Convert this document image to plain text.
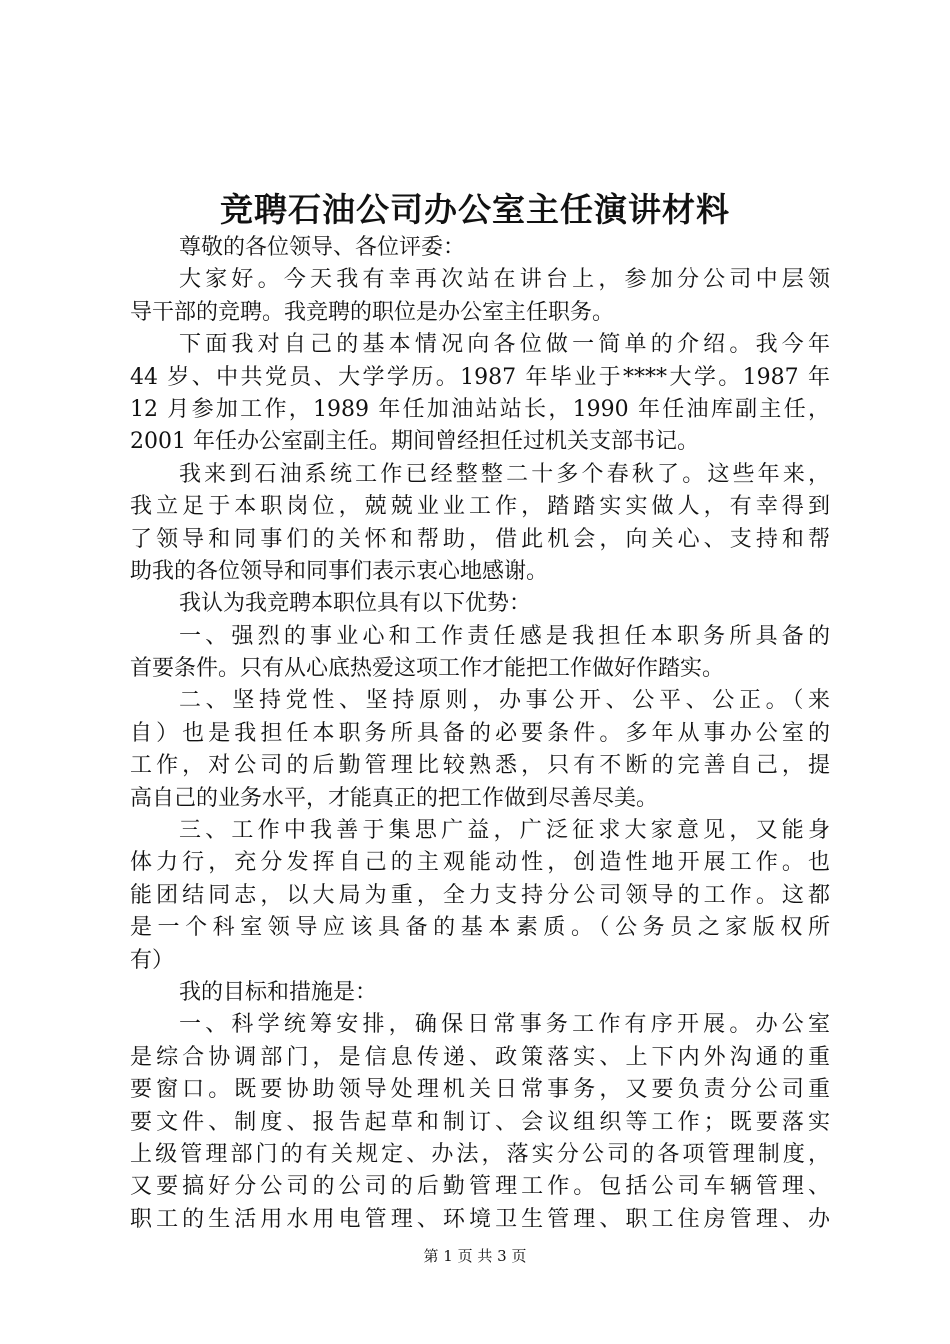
竞聘石油公司办公室主任演讲材料
尊敬的各位领导、各位评委：
大家好。今天我有幸再次站在讲台上，参加分公司中层领
导干部的竞聘。我竞聘的职位是办公室主任职务。
下面我对自己的基本情况向各位做一简单的介绍。我今年
44 岁、中共党员、大学学历。1987 年毕业于****大学。1987 年
12 月参加工作，1989 年任加油站站长，1990 年任油库副主任，
2001 年任办公室副主任。期间曾经担任过机关支部书记。
我来到石油系统工作已经整整二十多个春秋了。这些年来，
我立足于本职岗位，兢兢业业工作，踏踏实实做人，有幸得到
了领导和同事们的关怀和帮助，借此机会，向关心、支持和帮
助我的各位领导和同事们表示衷心地感谢。
我认为我竞聘本职位具有以下优势：
一、强烈的事业心和工作责任感是我担任本职务所具备的
首要条件。只有从心底热爱这项工作才能把工作做好作踏实。
二、坚持党性、坚持原则，办事公开、公平、公正。（来
自）也是我担任本职务所具备的必要条件。多年从事办公室的
工作，对公司的后勤管理比较熟悉，只有不断的完善自己，提
高自己的业务水平，才能真正的把工作做到尽善尽美。
三、工作中我善于集思广益，广泛征求大家意见，又能身
体力行，充分发挥自己的主观能动性，创造性地开展工作。也
能团结同志，以大局为重，全力支持分公司领导的工作。这都
是一个科室领导应该具备的基本素质。（公务员之家版权所
有）
我的目标和措施是：
一、科学统筹安排，确保日常事务工作有序开展。办公室
是综合协调部门，是信息传递、政策落实、上下内外沟通的重
要窗口。既要协助领导处理机关日常事务，又要负责分公司重
要文件、制度、报告起草和制订、会议组织等工作；既要落实
上级管理部门的有关规定、办法，落实分公司的各项管理制度，
又要搞好分公司的公司的后勤管理工作。包括公司车辆管理、
职工的生活用水用电管理、环境卫生管理、职工住房管理、办
第 1 页 共 3 页
